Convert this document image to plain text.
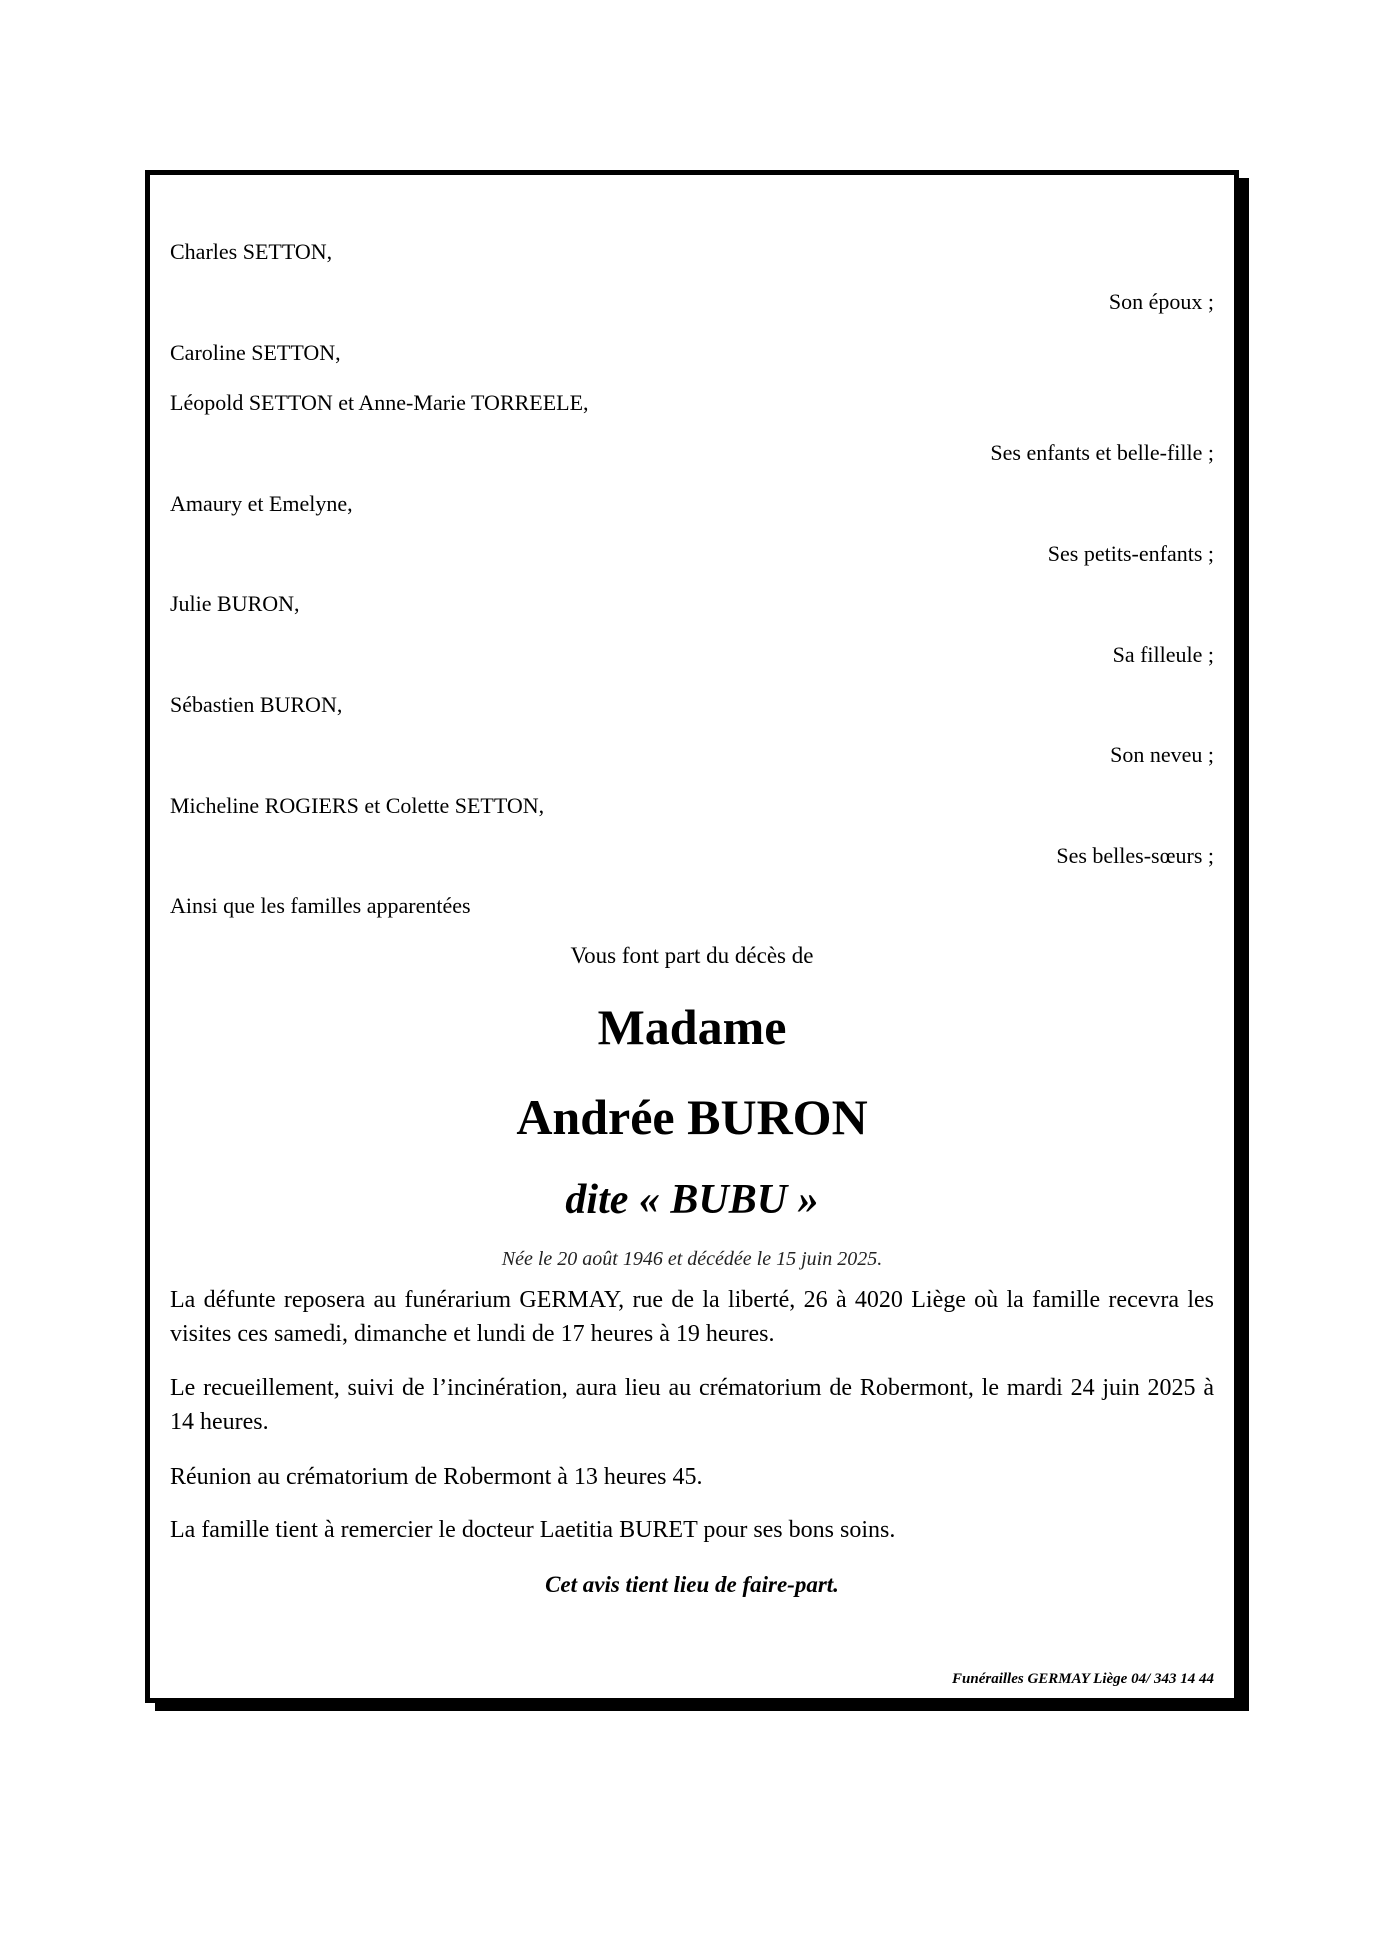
Charles SETTON,
Son époux ;
Caroline SETTON,
Léopold SETTON et Anne-Marie TORREELE,
Ses enfants et belle-fille ;
Amaury et Emelyne,
Ses petits-enfants ;
Julie BURON,
Sa filleule ;
Sébastien BURON,
Son neveu ;
Micheline ROGIERS et Colette SETTON,
Ses belles-sœurs ;
Ainsi que les familles apparentées
Vous font part du décès de
Madame
Andrée BURON
dite « BUBU »
Née le 20 août 1946 et décédée le 15 juin 2025.
La défunte reposera au funérarium GERMAY, rue de la liberté, 26 à 4020 Liège où la famille recevra les visites ces samedi, dimanche et lundi de 17 heures à 19 heures.
Le recueillement, suivi de l’incinération, aura lieu au crématorium de Robermont, le mardi 24 juin 2025 à 14 heures.
Réunion au crématorium de Robermont à 13 heures 45.
La famille tient à remercier le docteur Laetitia BURET pour ses bons soins.
Cet avis tient lieu de faire-part.
Funérailles GERMAY Liège 04/ 343 14 44
